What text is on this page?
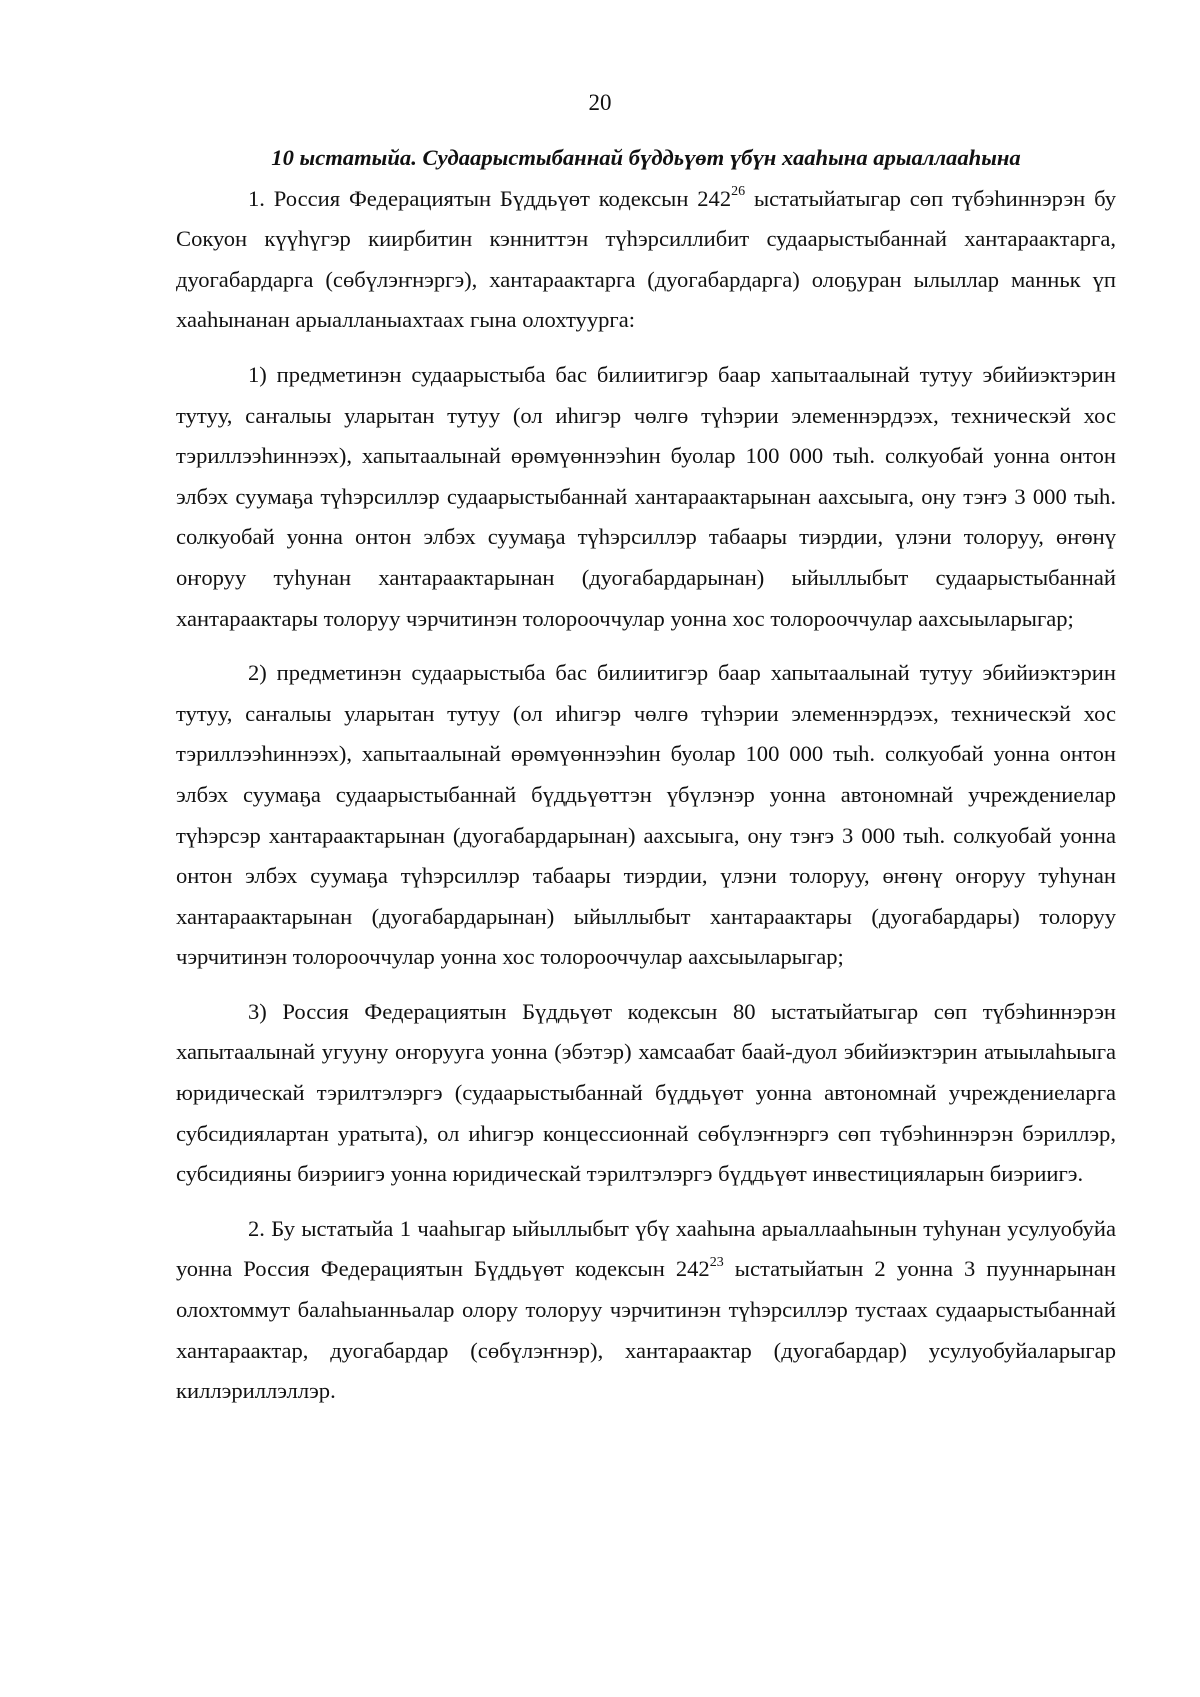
20

10 ыстатыйа. Судаарыстыбаннай бүддьүөт үбүн хааһына арыаллааһына

1. Россия Федерациятын Бүддьүөт кодексын $242^{26}$ ыстатыйатыгар сөп түбэһиннэрэн бу Сокуон күүһүгэр киирбитин кэнниттэн түһэрсиллибит судаарыстыбаннай хантараактарга, дуогабардарга (сөбүлэҥнэргэ), хантараактарга (дуогабардарга) олоҕуран ылыллар манньк үп хааһынанан арыалланыахтаах гына олохтуурга:

1) предметинэн судаарыстыба бас билиитигэр баар хапытаалынай тутуу эбийиэктэрин тутуу, саҥалыы уларытан тутуу (ол иһигэр чөлгө түһэрии элеменнэрдээх, техническэй хос тэриллээһиннээх), хапытаалынай өрөмүөннээһин буолар 100 000 тыһ. солкуобай уонна онтон элбэх суумаҕа түһэрсиллэр судаарыстыбаннай хантараактарынан аахсыыга, ону тэҥэ 3 000 тыһ. солкуобай уонна онтон элбэх суумаҕа түһэрсиллэр табаары тиэрдии, үлэни толоруу, өҥөнү оҥоруу туһунан хантараактарынан (дуогабардарынан) ыйыллыбыт судаарыстыбаннай хантараактары толоруу чэрчитинэн толорооччулар уонна хос толорооччулар аахсыыларыгар;

2) предметинэн судаарыстыба бас билиитигэр баар хапытаалынай тутуу эбийиэктэрин тутуу, саҥалыы уларытан тутуу (ол иһигэр чөлгө түһэрии элеменнэрдээх, техническэй хос тэриллээһиннээх), хапытаалынай өрөмүөннээһин буолар 100 000 тыһ. солкуобай уонна онтон элбэх суумаҕа судаарыстыбаннай бүддьүөттэн үбүлэнэр уонна автономнай учреждениелар түһэрсэр хантараактарынан (дуогабардарынан) аахсыыга, ону тэҥэ 3 000 тыһ. солкуобай уонна онтон элбэх суумаҕа түһэрсиллэр табаары тиэрдии, үлэни толоруу, өҥөнү оҥоруу туһунан хантараактарынан (дуогабардарынан) ыйыллыбыт хантараактары (дуогабардары) толоруу чэрчитинэн толорооччулар уонна хос толорооччулар аахсыыларыгар;

3) Россия Федерациятын Бүддьүөт кодексын 80 ыстатыйатыгар сөп түбэһиннэрэн хапытаалынай угууну оҥорууга уонна (эбэтэр) хамсаабат баай-дуол эбийиэктэрин атыылаһыыга юридическай тэрилтэлэргэ (судаарыстыбаннай бүддьүөт уонна автономнай учреждениеларга субсидиялартан уратыта), ол иһигэр концессионнай сөбүлэҥнэргэ сөп түбэһиннэрэн бэриллэр, субсидияны биэриигэ уонна юридическай тэрилтэлэргэ бүддьүөт инвестицияларын биэриигэ.

2. Бу ыстатыйа 1 чааһыгар ыйыллыбыт үбү хааһына арыаллааһынын туһунан усулуобуйа уонна Россия Федерациятын Бүддьүөт кодексын $242^{23}$ ыстатыйатын 2 уонна 3 пууннарынан олохтоммут балаһыанньалар олору толоруу чэрчитинэн түһэрсиллэр тустаах судаарыстыбаннай хантараактар, дуогабардар (сөбүлэҥнэр), хантараактар (дуогабардар) усулуобуйаларыгар киллэриллэллэр.
